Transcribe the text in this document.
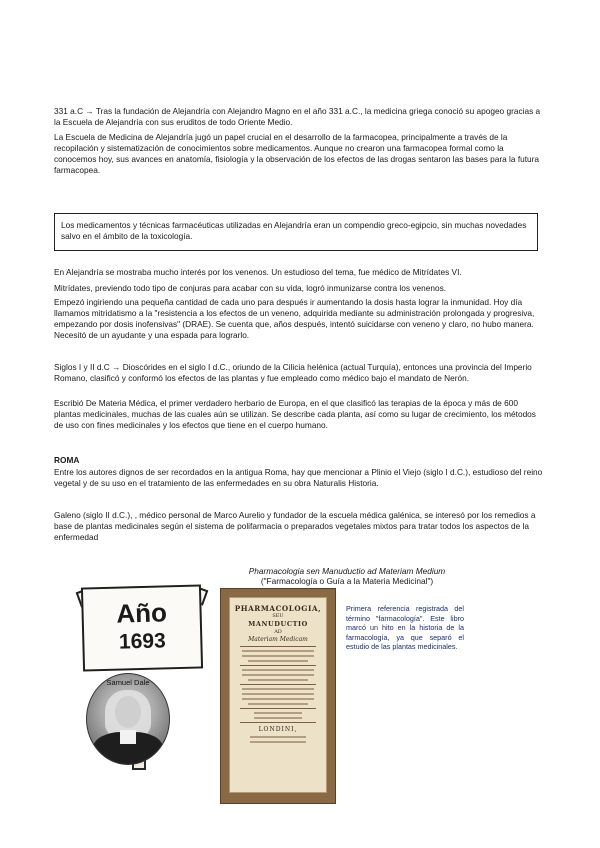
331 a.C → Tras la fundación de Alejandría con Alejandro Magno en el año 331 a.C., la medicina griega conoció su apogeo gracias a la Escuela de Alejandría con sus eruditos de todo Oriente Medio.

La Escuela de Medicina de Alejandría jugó un papel crucial en el desarrollo de la farmacopea, principalmente a través de la recopilación y sistematización de conocimientos sobre medicamentos. Aunque no crearon una farmacopea formal como la conocemos hoy, sus avances en anatomía, fisiología y la observación de los efectos de las drogas sentaron las bases para la futura farmacopea.

Los medicamentos y técnicas farmacéuticas utilizadas en Alejandría eran un compendio greco-egipcio, sin muchas novedades salvo en el ámbito de la toxicología.

En Alejandría se mostraba mucho interés por los venenos. Un estudioso del tema, fue médico de Mitrídates VI.

Mitrídates, previendo todo tipo de conjuras para acabar con su vida, logró inmunizarse contra los venenos.

Empezó ingiriendo una pequeña cantidad de cada uno para después ir aumentando la dosis hasta lograr la inmunidad. Hoy día llamamos mitridatismo a la "resistencia a los efectos de un veneno, adquirida mediante su administración prolongada y progresiva, empezando por dosis inofensivas" (DRAE). Se cuenta que, años después, intentó suicidarse con veneno y claro, no hubo manera. Necesitó de un ayudante y una espada para lograrlo.

Siglos I y II d.C → Dioscórides en el siglo I d.C., oriundo de la Cilicia helénica (actual Turquía), entonces una provincia del Imperio Romano, clasificó y conformó los efectos de las plantas y fue empleado como médico bajo el mandato de Nerón.

Escribió De Materia Médica, el primer verdadero herbario de Europa, en el que clasificó las terapias de la época y más de 600 plantas medicinales, muchas de las cuales aún se utilizan. Se describe cada planta, así como su lugar de crecimiento, los métodos de uso con fines medicinales y los efectos que tiene en el cuerpo humano.

ROMA

Entre los autores dignos de ser recordados en la antigua Roma, hay que mencionar a Plinio el Viejo (siglo I d.C.), estudioso del reino vegetal y de su uso en el tratamiento de las enfermedades en su obra Naturalis Historia.

Galeno (siglo II d.C.), , médico personal de Marco Aurelio y fundador de la escuela médica galénica, se interesó por los remedios a base de plantas medicinales según el sistema de polifarmacia o preparados vegetales mixtos para tratar todos los aspectos de la enfermedad

Pharmacologia sen Manuductio ad Materiam Medium
("Farmacología o Guía a la Materia Medicinal")
Año
1693
Samuel Dale
PHARMACOLOGIA,
SEU
MANUDUCTIO
AD
Materiam Medicam
LONDINI,
Primera referencia registrada del término "farmacología". Este libro marcó un hito en la historia de la farmacología, ya que separó el estudio de las plantas medicinales.
